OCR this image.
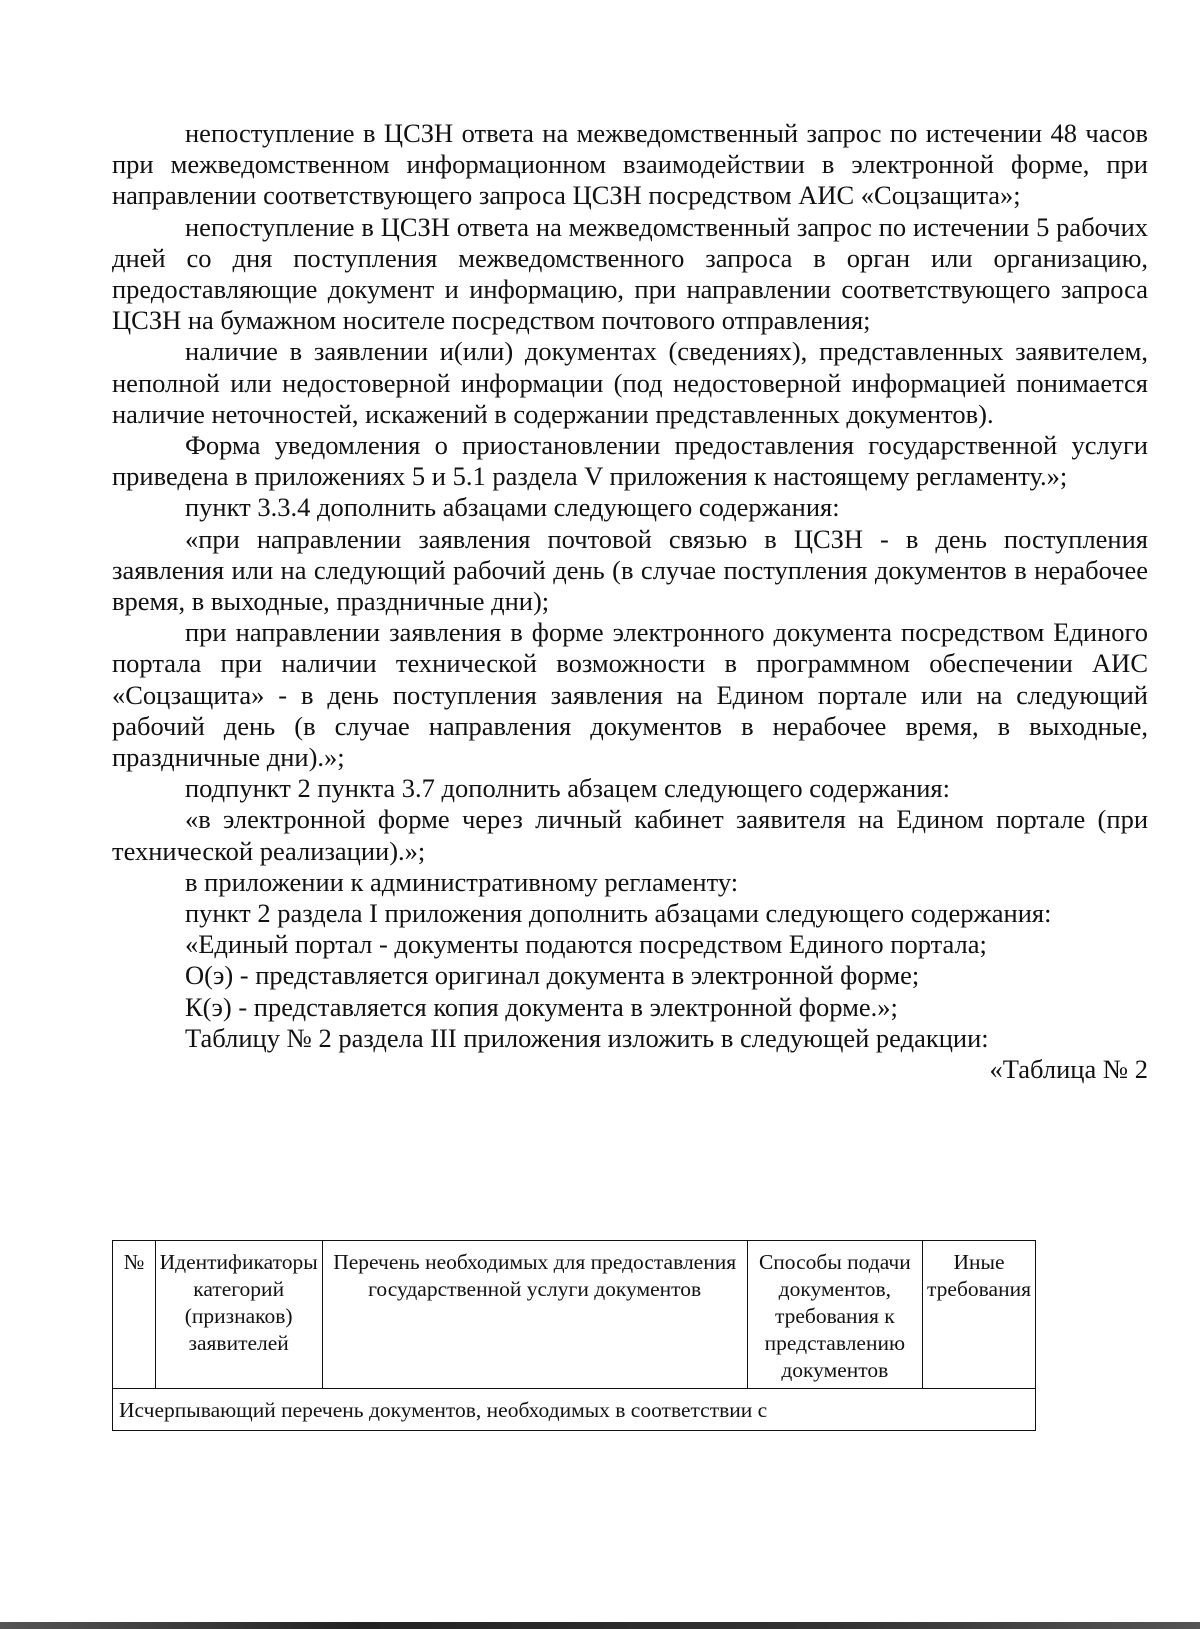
непоступление в ЦСЗН ответа на межведомственный запрос по истечении 48 часов при межведомственном информационном взаимодействии в электронной форме, при направлении соответствующего запроса ЦСЗН посредством АИС «Соцзащита»;

непоступление в ЦСЗН ответа на межведомственный запрос по истечении 5 рабочих дней со дня поступления межведомственного запроса в орган или организацию, предоставляющие документ и информацию, при направлении соответствующего запроса ЦСЗН на бумажном носителе посредством почтового отправления;

наличие в заявлении и(или) документах (сведениях), представленных заявителем, неполной или недостоверной информации (под недостоверной информацией понимается наличие неточностей, искажений в содержании представленных документов).

Форма уведомления о приостановлении предоставления государственной услуги приведена в приложениях 5 и 5.1 раздела V приложения к настоящему регламенту.»;

пункт 3.3.4 дополнить абзацами следующего содержания:

«при направлении заявления почтовой связью в ЦСЗН - в день поступления заявления или на следующий рабочий день (в случае поступления документов в нерабочее время, в выходные, праздничные дни);

при направлении заявления в форме электронного документа посредством Единого портала при наличии технической возможности в программном обеспечении АИС «Соцзащита» - в день поступления заявления на Едином портале или на следующий рабочий день (в случае направления документов в нерабочее время, в выходные, праздничные дни).»;

подпункт 2 пункта 3.7 дополнить абзацем следующего содержания:

«в электронной форме через личный кабинет заявителя на Едином портале (при технической реализации).»;

в приложении к административному регламенту:

пункт 2 раздела I приложения дополнить абзацами следующего содержания:

«Единый портал - документы подаются посредством Единого портала;

О(э) - представляется оригинал документа в электронной форме;

К(э) - представляется копия документа в электронной форме.»;

Таблицу № 2 раздела III приложения изложить в следующей редакции:

«Таблица № 2

№	Идентификаторы категорий (признаков) заявителей	Перечень необходимых для предоставления государственной услуги документов	Способы подачи документов, требования к представлению документов	Иные требования
Исчерпывающий перечень документов, необходимых в соответствии с
